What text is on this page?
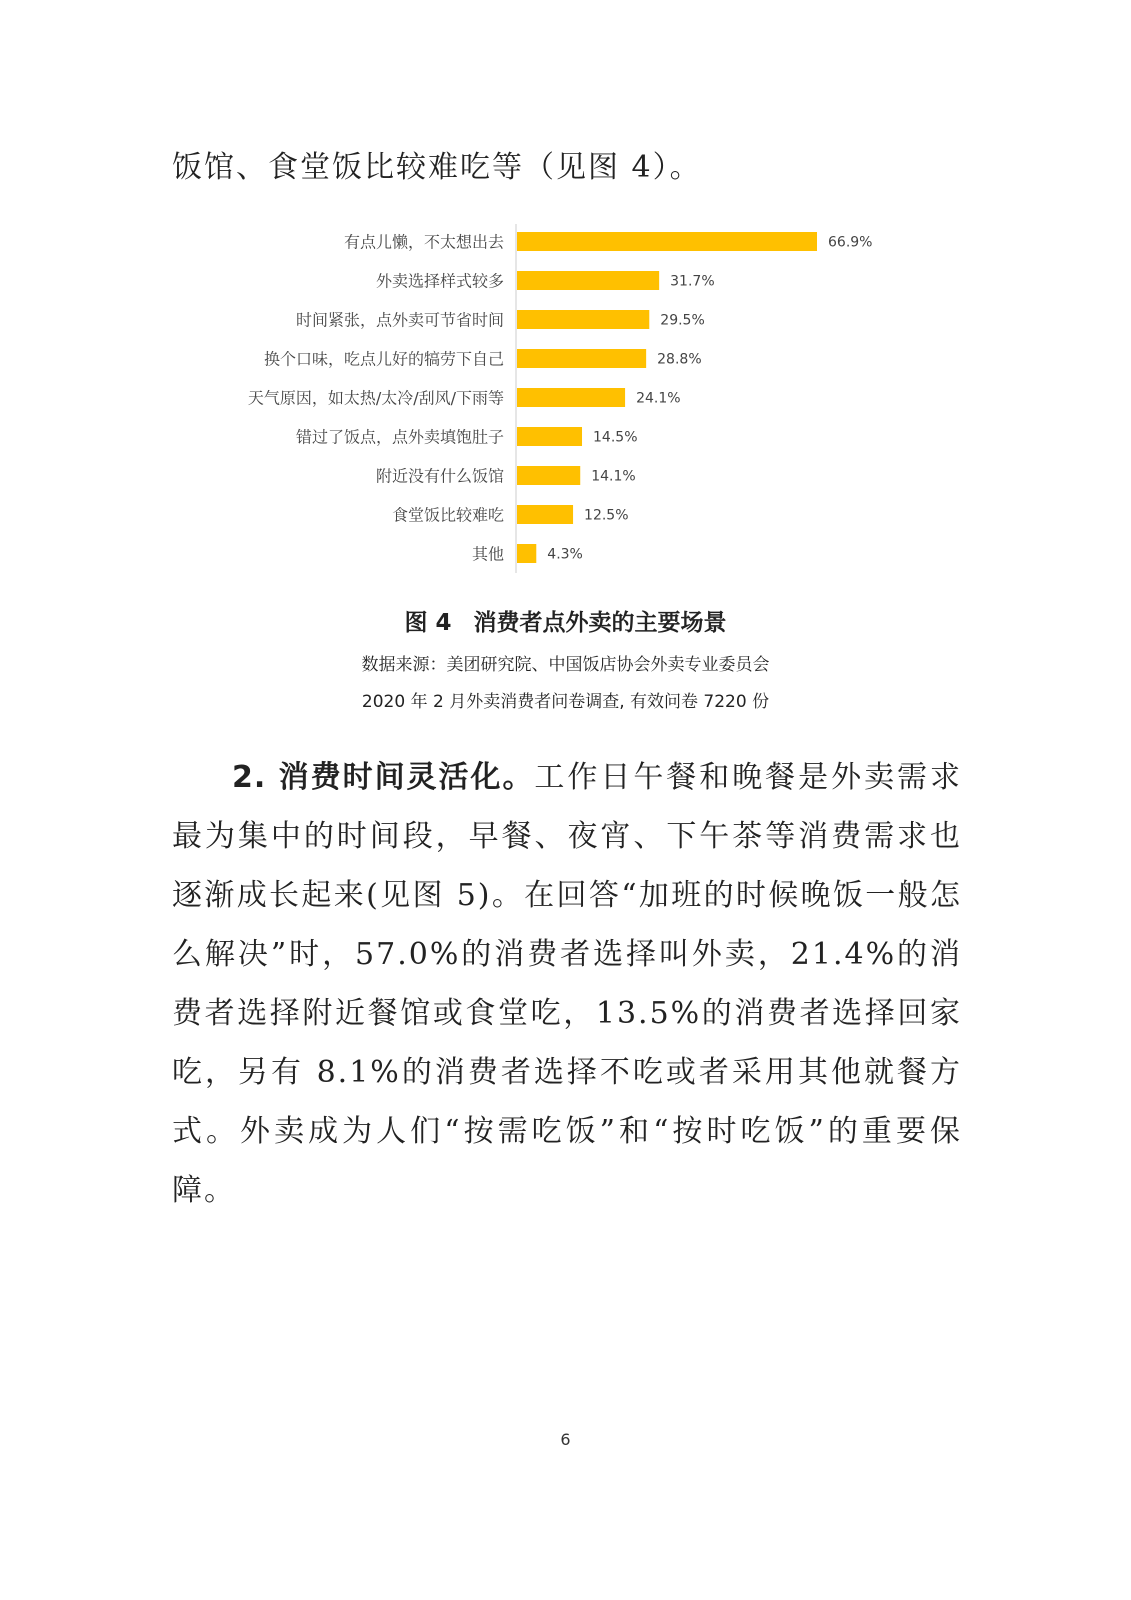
饭馆、食堂饭比较难吃等（见图 4）。

有点儿懒，不太想出去	66.9%
外卖选择样式较多	31.7%
时间紧张，点外卖可节省时间	29.5%
换个口味，吃点儿好的犒劳下自己	28.8%
天气原因，如太热/太冷/刮风/下雨等	24.1%
错过了饭点，点外卖填饱肚子	14.5%
附近没有什么饭馆	14.1%
食堂饭比较难吃	12.5%
其他	4.3%

图 4 消费者点外卖的主要场景

数据来源：美团研究院、中国饭店协会外卖专业委员会

2020 年 2 月外卖消费者问卷调查, 有效问卷 7220 份

2. 消费时间灵活化。工作日午餐和晚餐是外卖需求最为集中的时间段，早餐、夜宵、下午茶等消费需求也逐渐成长起来(见图 5)。在回答“加班的时候晚饭一般怎么解决”时，57.0%的消费者选择叫外卖，21.4%的消费者选择附近餐馆或食堂吃，13.5%的消费者选择回家吃，另有 8.1%的消费者选择不吃或者采用其他就餐方式。外卖成为人们“按需吃饭”和“按时吃饭”的重要保障。

6
